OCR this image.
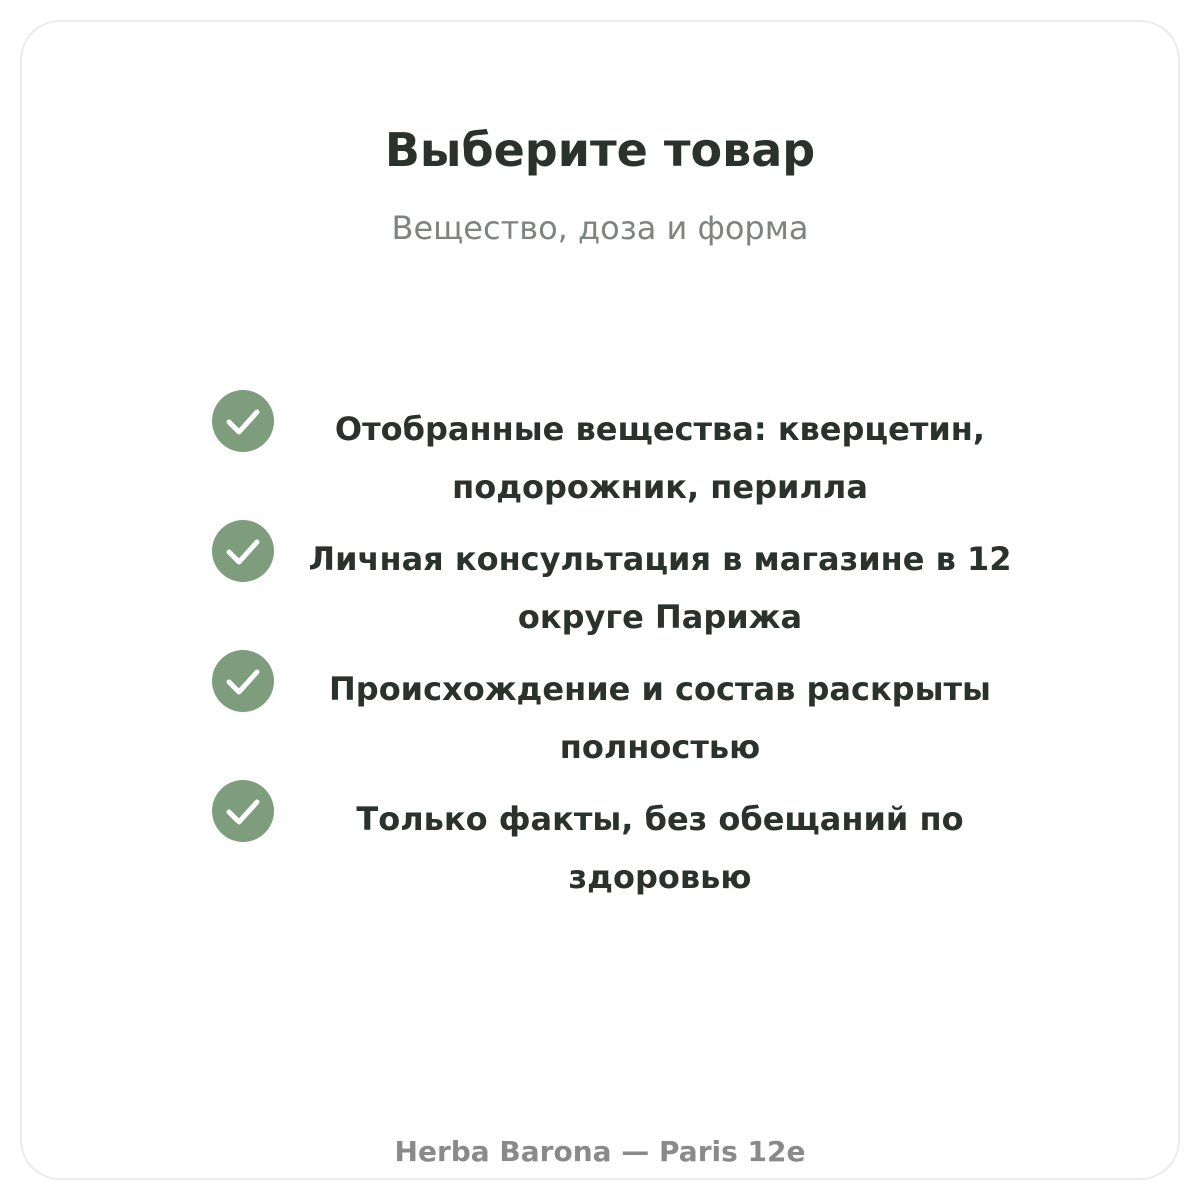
Выберите товар

Вещество, доза и форма

Отобранные вещества: кверцетин, подорожник, перилла

Личная консультация в магазине в 12 округе Парижа

Происхождение и состав раскрыты полностью

Только факты, без обещаний по здоровью

Herba Barona — Paris 12e
